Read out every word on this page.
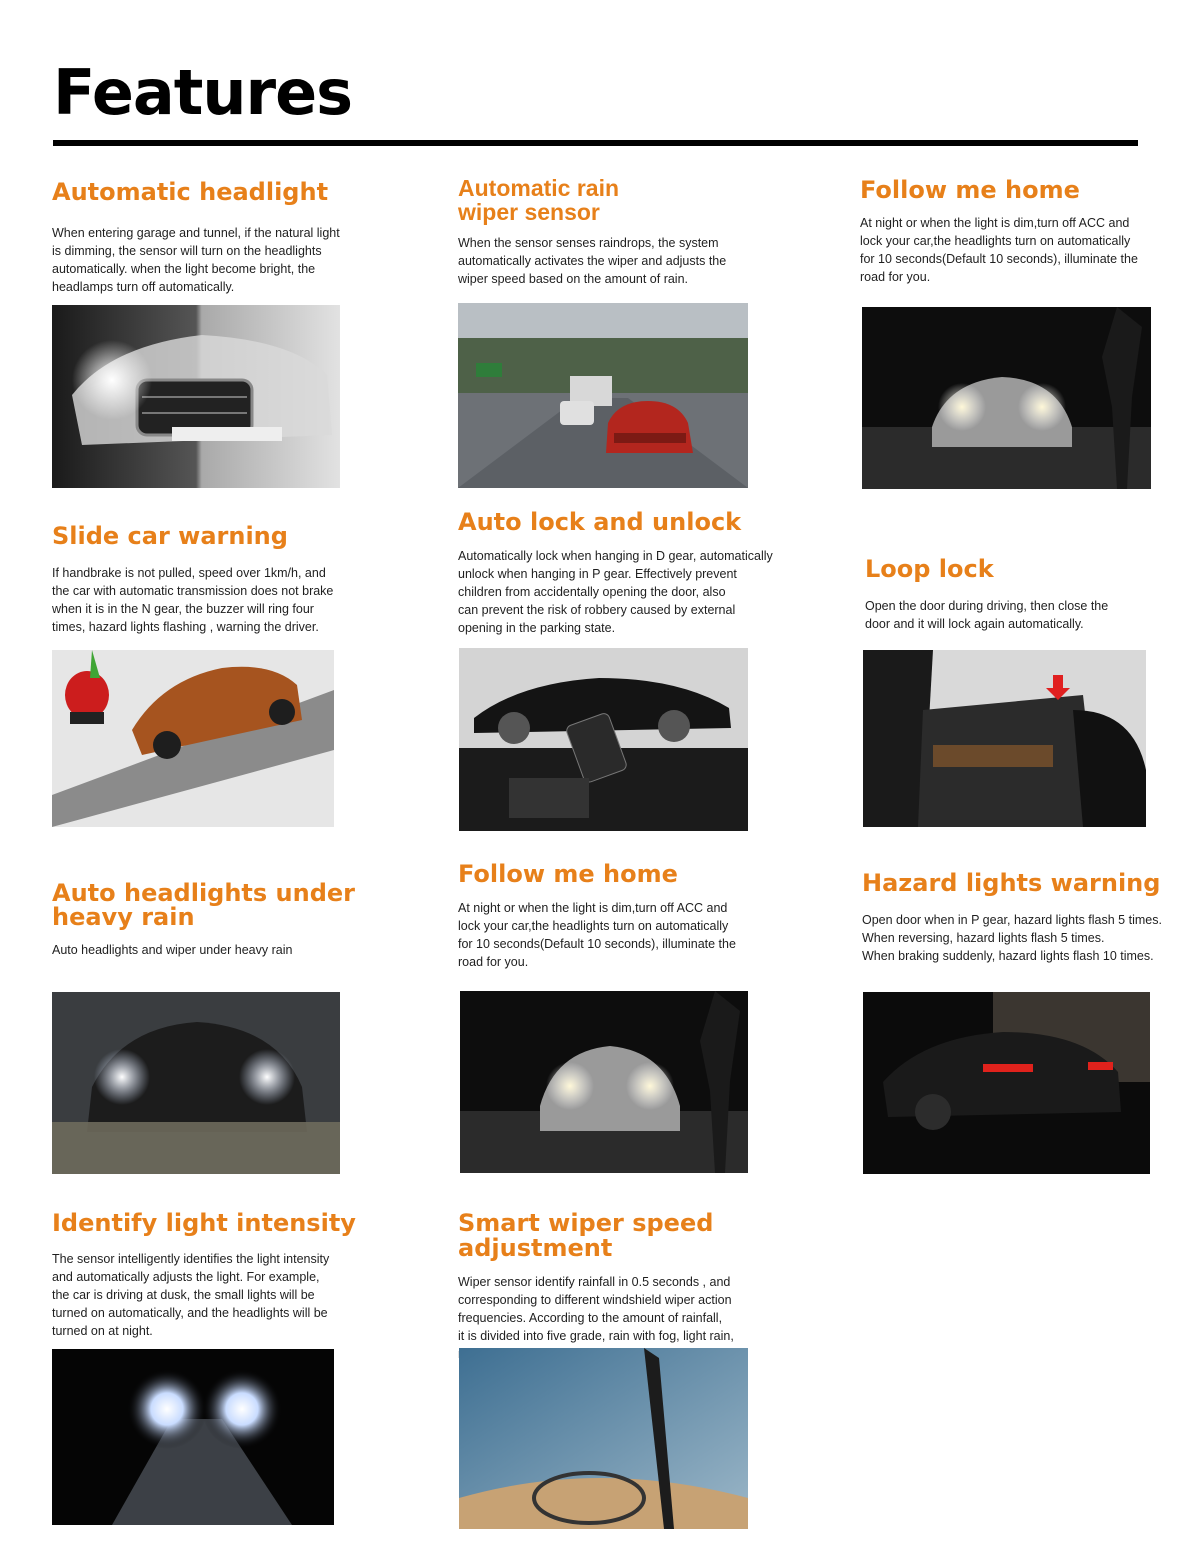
Features
Automatic headlight

When entering garage and tunnel, if the natural light
is dimming, the sensor will turn on the headlights
automatically. when the light become bright, the
headlamps turn off automatically.

Automatic rain
wiper sensor

When the sensor senses raindrops, the system
automatically activates the wiper and adjusts the
wiper speed based on the amount of rain.

Follow me home

At night or when the light is dim,turn off ACC and
lock your car,the headlights turn on automatically
for 10 seconds(Default 10 seconds), illuminate the
road for you.

Slide car warning

If handbrake is not pulled, speed over 1km/h, and
the car with automatic transmission does not brake
when it is in the N gear, the buzzer will ring four
times, hazard lights flashing , warning the driver.

Auto lock and unlock

Automatically lock when hanging in D gear, automatically
unlock when hanging in P gear. Effectively prevent
children from accidentally opening the door, also
can prevent the risk of robbery caused by external
opening in the parking state.

Loop lock

Open the door during driving, then close the
door and it will lock again automatically.

Auto headlights under
heavy rain

Auto headlights and wiper under heavy rain

Follow me home

At night or when the light is dim,turn off ACC and
lock your car,the headlights turn on automatically
for 10 seconds(Default 10 seconds), illuminate the
road for you.

Hazard lights warning

Open door when in P gear, hazard lights flash 5 times.
When reversing, hazard lights flash 5 times.
When braking suddenly, hazard lights flash 10 times.

Identify light intensity

The sensor intelligently identifies the light intensity
and automatically adjusts the light. For example,
the car is driving at dusk, the small lights will be
turned on automatically, and the headlights will be
turned on at night.

Smart wiper speed adjustment

Wiper sensor identify rainfall in 0.5 seconds , and
corresponding to different windshield wiper action
frequencies. According to the amount of rainfall,
it is divided into five grade, rain with fog, light rain,
